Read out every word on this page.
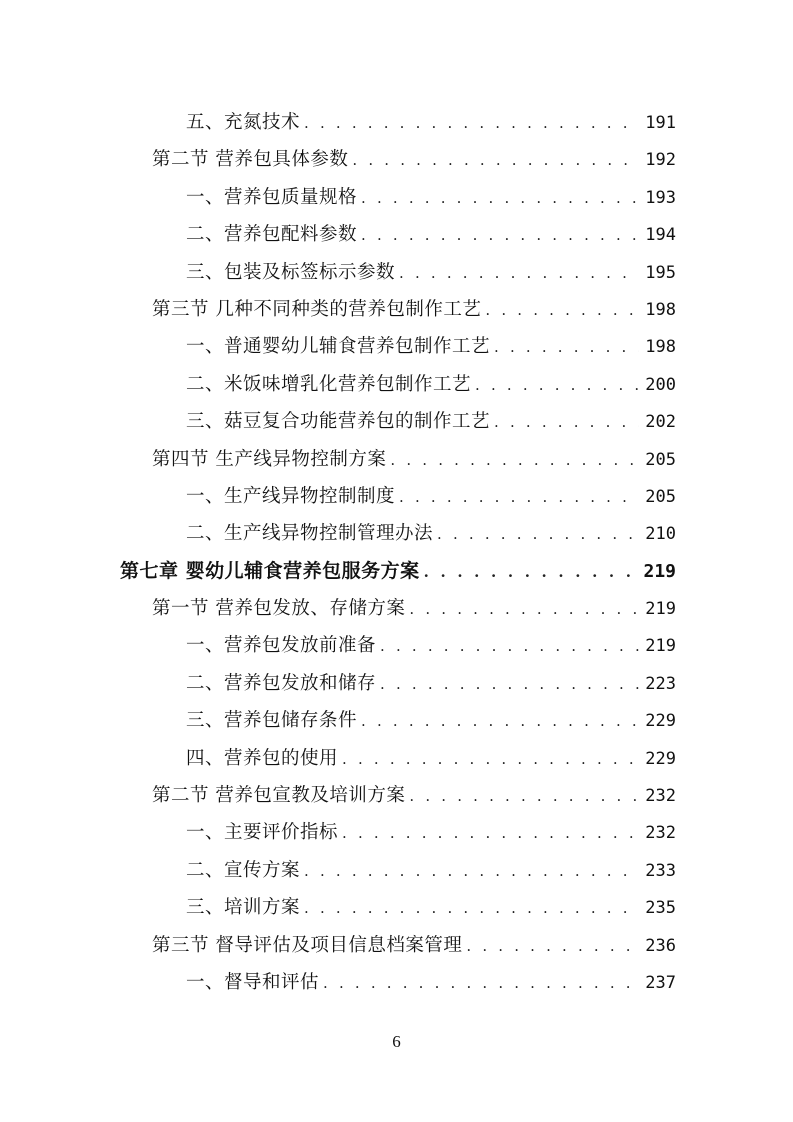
五、充氮技术 . . .	191
第二节 营养包具体参数 . . .	192
一、营养包质量规格 . . .	193
二、营养包配料参数 . . .	194
三、包装及标签标示参数 . . .	195
第三节 几种不同种类的营养包制作工艺 . . .	198
一、普通婴幼儿辅食营养包制作工艺 . . .	198
二、米饭味增乳化营养包制作工艺 . . .	200
三、菇豆复合功能营养包的制作工艺 . . .	202
第四节 生产线异物控制方案 . . .	205
一、生产线异物控制制度 . . .	205
二、生产线异物控制管理办法 . . .	210
第七章 婴幼儿辅食营养包服务方案 . . .	219
第一节 营养包发放、存储方案 . . .	219
一、营养包发放前准备 . . .	219
二、营养包发放和储存 . . .	223
三、营养包储存条件 . . .	229
四、营养包的使用 . . .	229
第二节 营养包宣教及培训方案 . . .	232
一、主要评价指标 . . .	232
二、宣传方案 . . .	233
三、培训方案 . . .	235
第三节 督导评估及项目信息档案管理 . . .	236
一、督导和评估 . . .	237
6
